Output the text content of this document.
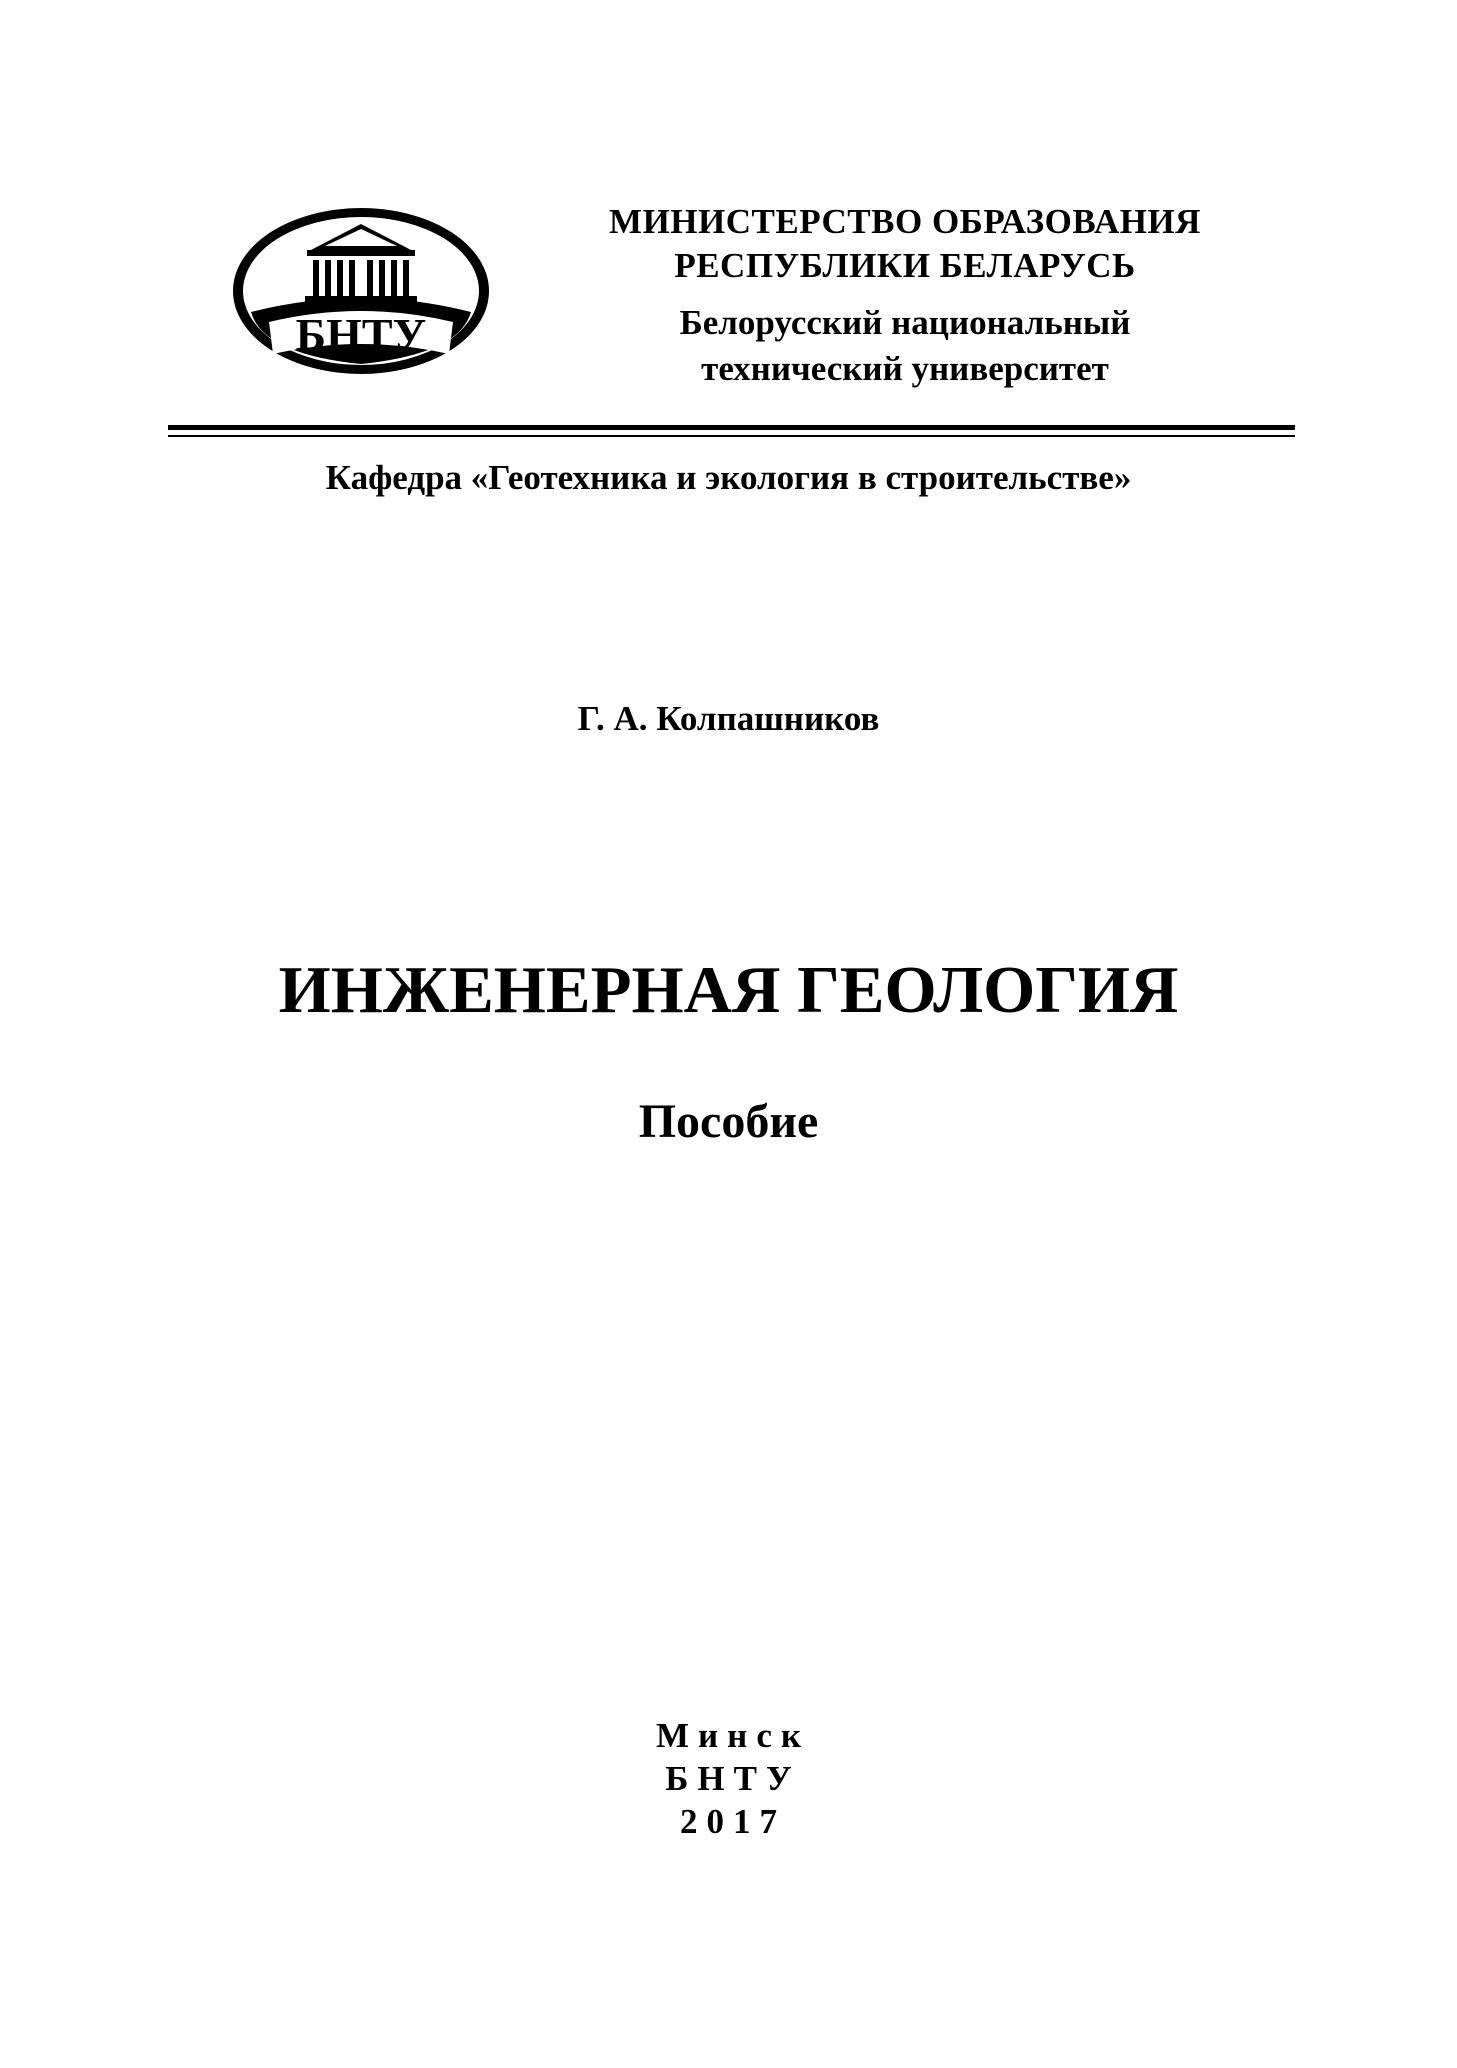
БНТУ
МИНИСТЕРСТВО ОБРАЗОВАНИЯ
РЕСПУБЛИКИ БЕЛАРУСЬ
Белорусский национальный
технический университет
Кафедра «Геотехника и экология в строительстве»
Г. А. Колпашников
ИНЖЕНЕРНАЯ ГЕОЛОГИЯ
Пособие
Минск
БНТУ
2017
